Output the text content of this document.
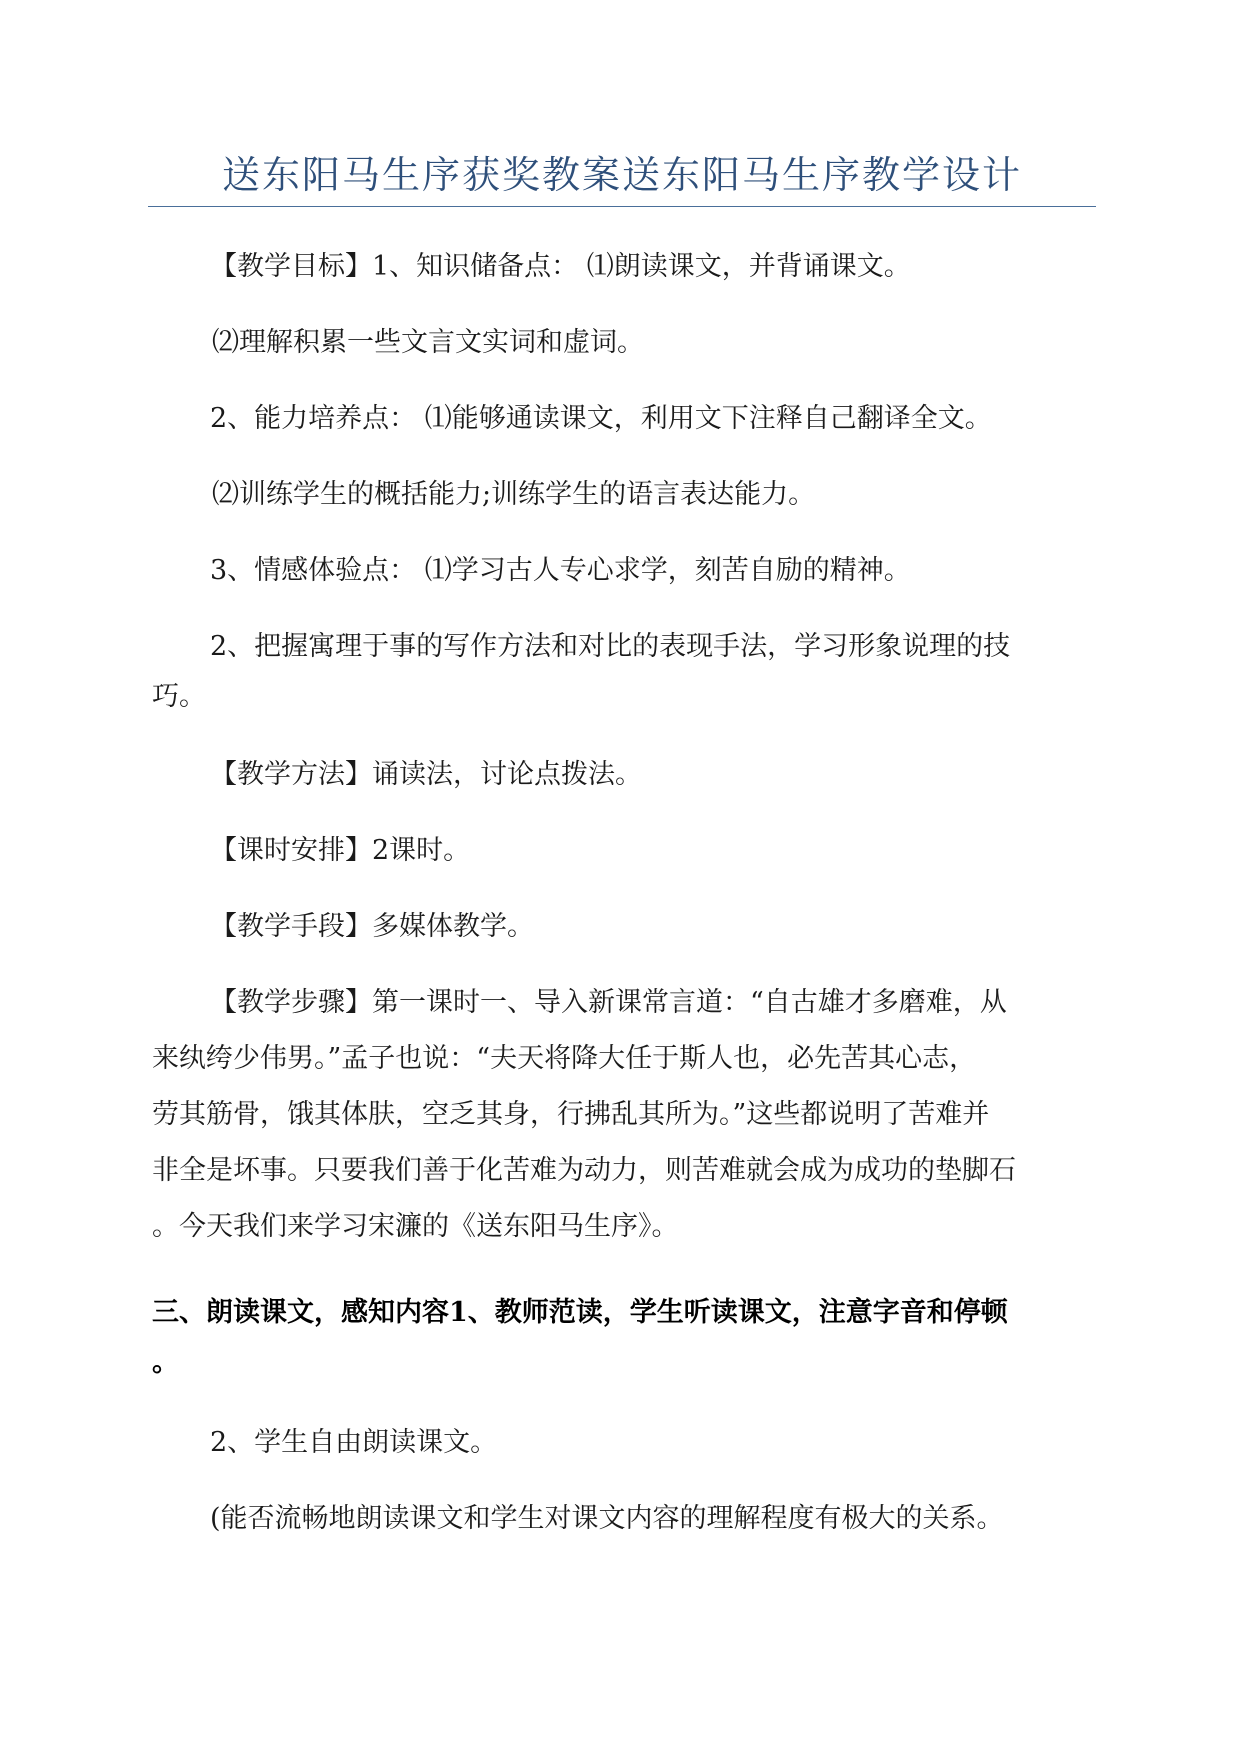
送东阳马生序获奖教案送东阳马生序教学设计
【教学目标】1、知识储备点： ⑴朗读课文，并背诵课文。
⑵理解积累一些文言文实词和虚词。
2、能力培养点： ⑴能够通读课文，利用文下注释自己翻译全文。
⑵训练学生的概括能力;训练学生的语言表达能力。
3、情感体验点： ⑴学习古人专心求学，刻苦自励的精神。
2、把握寓理于事的写作方法和对比的表现手法，学习形象说理的技
巧。
【教学方法】诵读法，讨论点拨法。
【课时安排】2课时。
【教学手段】多媒体教学。
【教学步骤】第一课时一、导入新课常言道：“自古雄才多磨难，从
来纨绔少伟男。”孟子也说：“夫天将降大任于斯人也，必先苦其心志，
劳其筋骨，饿其体肤，空乏其身，行拂乱其所为。”这些都说明了苦难并
非全是坏事。只要我们善于化苦难为动力，则苦难就会成为成功的垫脚石
。今天我们来学习宋濂的《送东阳马生序》。
三、朗读课文，感知内容1、教师范读，学生听读课文，注意字音和停顿
。
2、学生自由朗读课文。
(能否流畅地朗读课文和学生对课文内容的理解程度有极大的关系。
